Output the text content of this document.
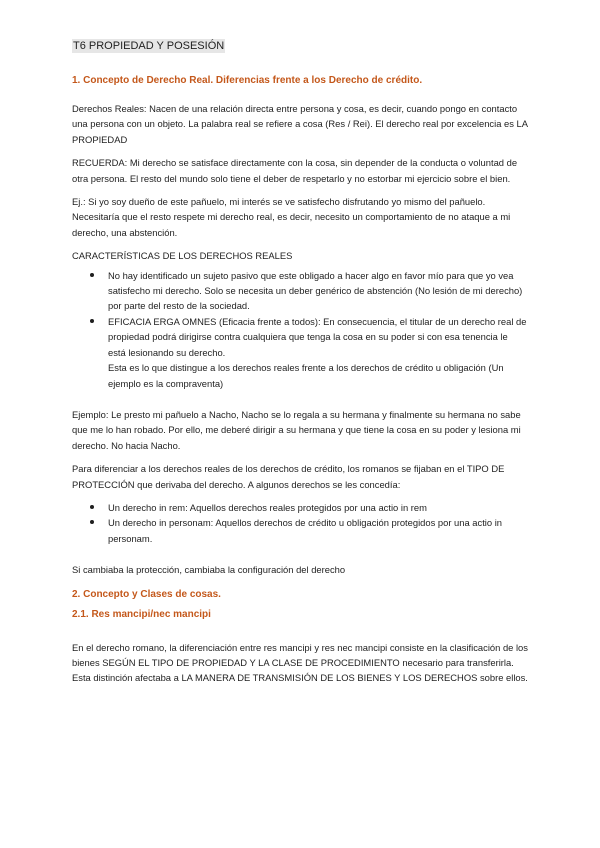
T6 PROPIEDAD Y POSESIÓN
1. Concepto de Derecho Real. Diferencias frente a los Derecho de crédito.

Derechos Reales: Nacen de una relación directa entre persona y cosa, es decir, cuando pongo en contacto una persona con un objeto. La palabra real se refiere a cosa (Res / Rei). El derecho real por excelencia es LA PROPIEDAD

RECUERDA: Mi derecho se satisface directamente con la cosa, sin depender de la conducta o voluntad de otra persona. El resto del mundo solo tiene el deber de respetarlo y no estorbar mi ejercicio sobre el bien.

Ej.: Si yo soy dueño de este pañuelo, mi interés se ve satisfecho disfrutando yo mismo del pañuelo. Necesitaría que el resto respete mi derecho real, es decir, necesito un comportamiento de no ataque a mi derecho, una abstención.

CARACTERÍSTICAS DE LOS DERECHOS REALES

No hay identificado un sujeto pasivo que este obligado a hacer algo en favor mío para que yo vea satisfecho mi derecho. Solo se necesita un deber genérico de abstención (No lesión de mi derecho) por parte del resto de la sociedad.
EFICACIA ERGA OMNES (Eficacia frente a todos): En consecuencia, el titular de un derecho real de propiedad podrá dirigirse contra cualquiera que tenga la cosa en su poder si con esa tenencia le está lesionando su derecho.
Esta es lo que distingue a los derechos reales frente a los derechos de crédito u obligación (Un ejemplo es la compraventa)

Ejemplo: Le presto mi pañuelo a Nacho, Nacho se lo regala a su hermana y finalmente su hermana no sabe que me lo han robado. Por ello, me deberé dirigir a su hermana y que tiene la cosa en su poder y lesiona mi derecho. No hacia Nacho.

Para diferenciar a los derechos reales de los derechos de crédito, los romanos se fijaban en el TIPO DE PROTECCIÓN que derivaba del derecho. A algunos derechos se les concedía:

Un derecho in rem: Aquellos derechos reales protegidos por una actio in rem
Un derecho in personam: Aquellos derechos de crédito u obligación protegidos por una actio in personam.

Si cambiaba la protección, cambiaba la configuración del derecho

2. Concepto y Clases de cosas.
2.1. Res mancipi/nec mancipi

En el derecho romano, la diferenciación entre res mancipi y res nec mancipi consiste en la clasificación de los bienes SEGÚN EL TIPO DE PROPIEDAD Y LA CLASE DE PROCEDIMIENTO necesario para transferirla. Esta distinción afectaba a LA MANERA DE TRANSMISIÓN DE LOS BIENES Y LOS DERECHOS sobre ellos.
